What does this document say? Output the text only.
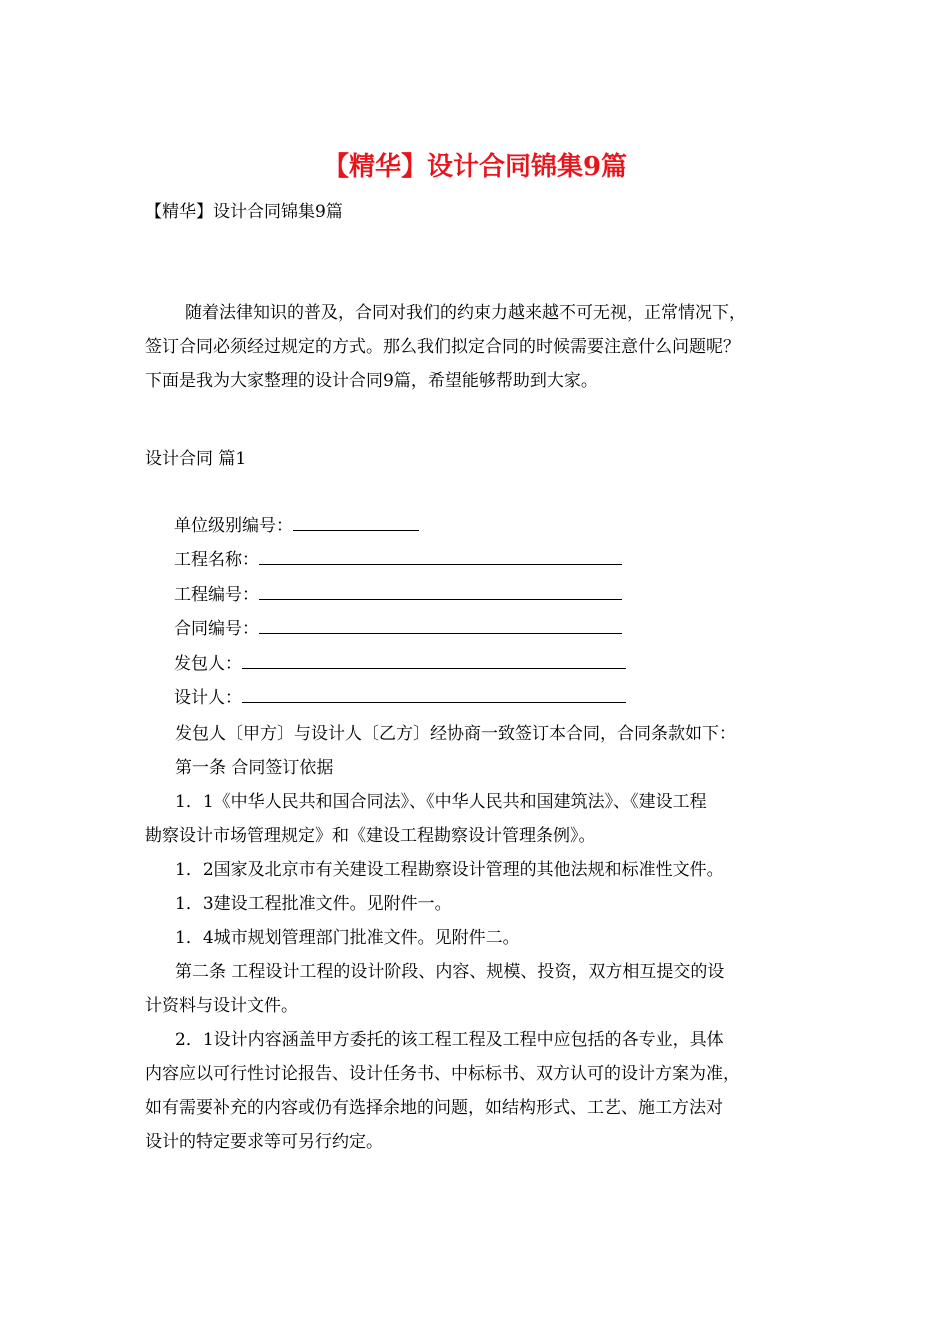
【精华】设计合同锦集9篇
【精华】设计合同锦集9篇
随着法律知识的普及，合同对我们的约束力越来越不可无视，正常情况下，
签订合同必须经过规定的方式。那么我们拟定合同的时候需要注意什么问题呢？
下面是我为大家整理的设计合同9篇，希望能够帮助到大家。
设计合同 篇1
单位级别编号：
工程名称：
工程编号：
合同编号：
发包人：
设计人：
发包人〔甲方〕与设计人〔乙方〕经协商一致签订本合同，合同条款如下：
第一条 合同签订依据
1．1《中华人民共和国合同法》、《中华人民共和国建筑法》、《建设工程
勘察设计市场管理规定》和《建设工程勘察设计管理条例》。
1．2国家及北京市有关建设工程勘察设计管理的其他法规和标准性文件。
1．3建设工程批准文件。见附件一。
1．4城市规划管理部门批准文件。见附件二。
第二条 工程设计工程的设计阶段、内容、规模、投资，双方相互提交的设
计资料与设计文件。
2．1设计内容涵盖甲方委托的该工程工程及工程中应包括的各专业，具体
内容应以可行性讨论报告、设计任务书、中标标书、双方认可的设计方案为准，
如有需要补充的内容或仍有选择余地的问题，如结构形式、工艺、施工方法对
设计的特定要求等可另行约定。
